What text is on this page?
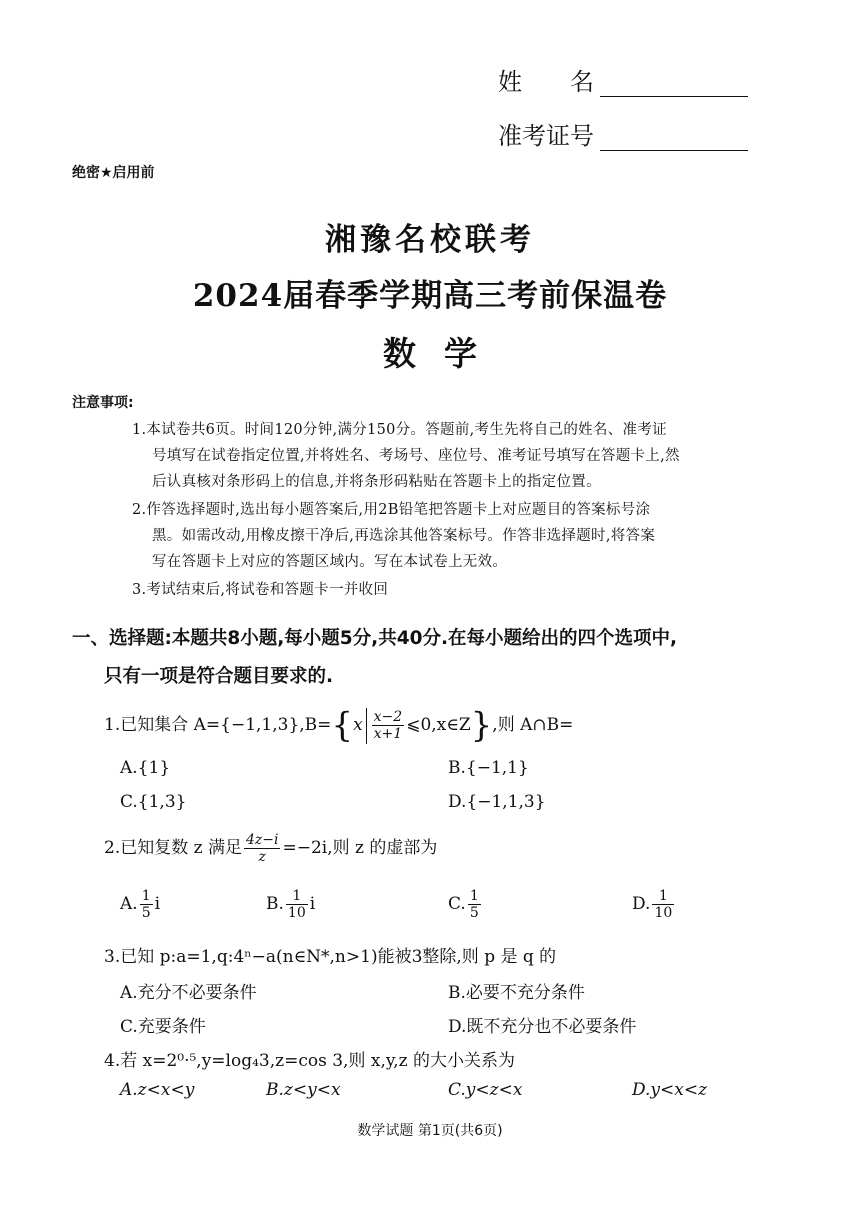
姓　　名
准考证号
绝密★启用前
湘豫名校联考
2024届春季学期高三考前保温卷
数学
注意事项:
1.本试卷共6页。时间120分钟,满分150分。答题前,考生先将自己的姓名、准考证
号填写在试卷指定位置,并将姓名、考场号、座位号、准考证号填写在答题卡上,然
后认真核对条形码上的信息,并将条形码粘贴在答题卡上的指定位置。
2.作答选择题时,选出每小题答案后,用2B铅笔把答题卡上对应题目的答案标号涂
黑。如需改动,用橡皮擦干净后,再选涂其他答案标号。作答非选择题时,将答案
写在答题卡上对应的答题区域内。写在本试卷上无效。
3.考试结束后,将试卷和答题卡一并收回
一、选择题:本题共8小题,每小题5分,共40分.在每小题给出的四个选项中,
只有一项是符合题目要求的.
1.已知集合 $A=\{-1,1,3\},B=\{x \frac{x-2}{x+1}$ ⩽0,x∈Z},则 A∩B=
A.{1}	B.{−1,1}
C.{1,3}	D.{−1,1,3}
2.已知复数 z 满足 $\frac{4z-i}{z} =-2i$,则 z 的虚部为
A. $\frac{1}{5}$ i	B. $\frac{1}{10}$ i	C. $\frac{1}{5}$	D. $\frac{1}{10}$
3.已知 p:a=1,q:4ⁿ−a(n∈N*,n>1)能被3整除,则 p 是 q 的
A.充分不必要条件	B.必要不充分条件
C.充要条件	D.既不充分也不必要条件
4.若 x=2⁰·⁵,y=log₄3,z=cos 3,则 x,y,z 的大小关系为
A.z<x<y	B.z<y<x	C.y<z<x	D.y<x<z
数学试题 第1页(共6页)
